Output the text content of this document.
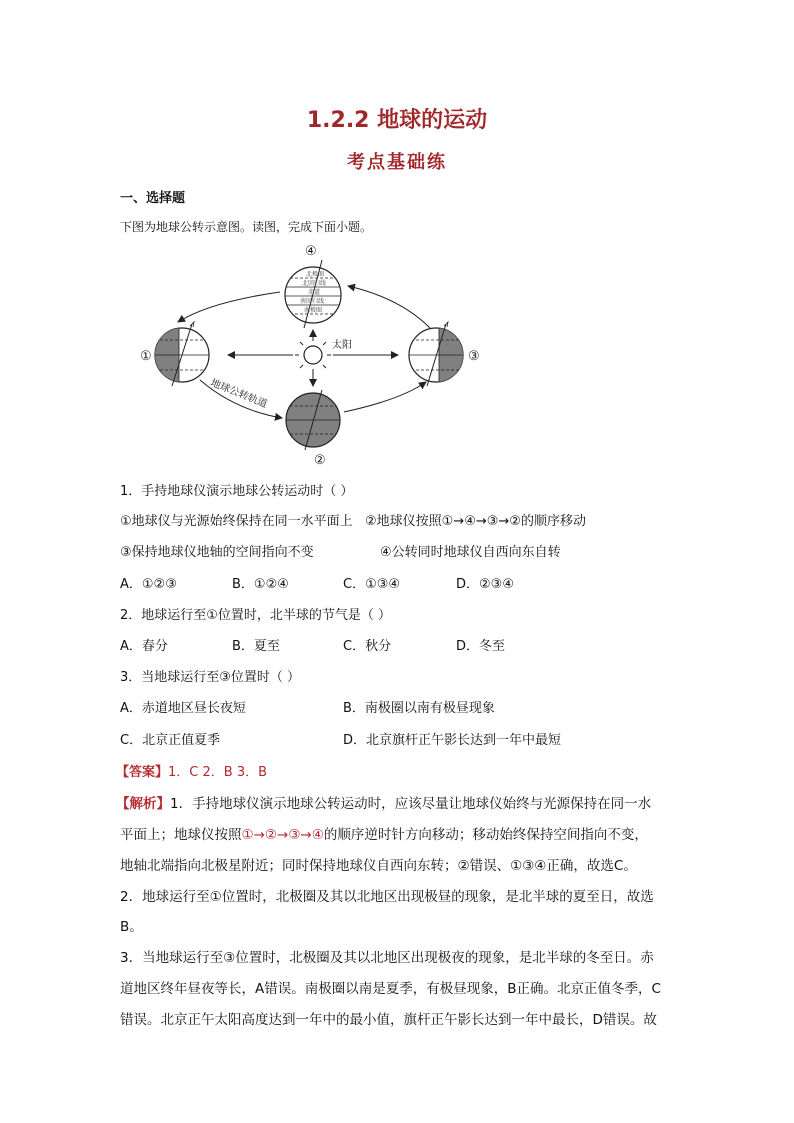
1.2.2 地球的运动
考点基础练
一、选择题
下图为地球公转示意图。读图，完成下面小题。
太阳
①
②
③
北极圈
北回归线
赤道
南回归线
南极圈
④
地球公转轨道
1．手持地球仪演示地球公转运动时（ ）
①地球仪与光源始终保持在同一水平面上 ②地球仪按照①→④→③→②的顺序移动
③保持地球仪地轴的空间指向不变	④公转同时地球仪自西向东自转
A．①②③	B．①②④	C．①③④	D．②③④
2．地球运行至①位置时，北半球的节气是（ ）
A．春分	B．夏至	C．秋分	D．冬至
3．当地球运行至③位置时（ ）
A．赤道地区昼长夜短	B．南极圈以南有极昼现象
C．北京正值夏季	D．北京旗杆正午影长达到一年中最短
【答案】1．C 2．B 3．B
【解析】1．手持地球仪演示地球公转运动时，应该尽量让地球仪始终与光源保持在同一水
平面上；地球仪按照①→②→③→④的顺序逆时针方向移动；移动始终保持空间指向不变，
地轴北端指向北极星附近；同时保持地球仪自西向东转；②错误、①③④正确，故选C。
2．地球运行至①位置时，北极圈及其以北地区出现极昼的现象，是北半球的夏至日，故选
B。
3．当地球运行至③位置时，北极圈及其以北地区出现极夜的现象，是北半球的冬至日。赤
道地区终年昼夜等长，A错误。南极圈以南是夏季，有极昼现象，B正确。北京正值冬季，C
错误。北京正午太阳高度达到一年中的最小值，旗杆正午影长达到一年中最长，D错误。故
